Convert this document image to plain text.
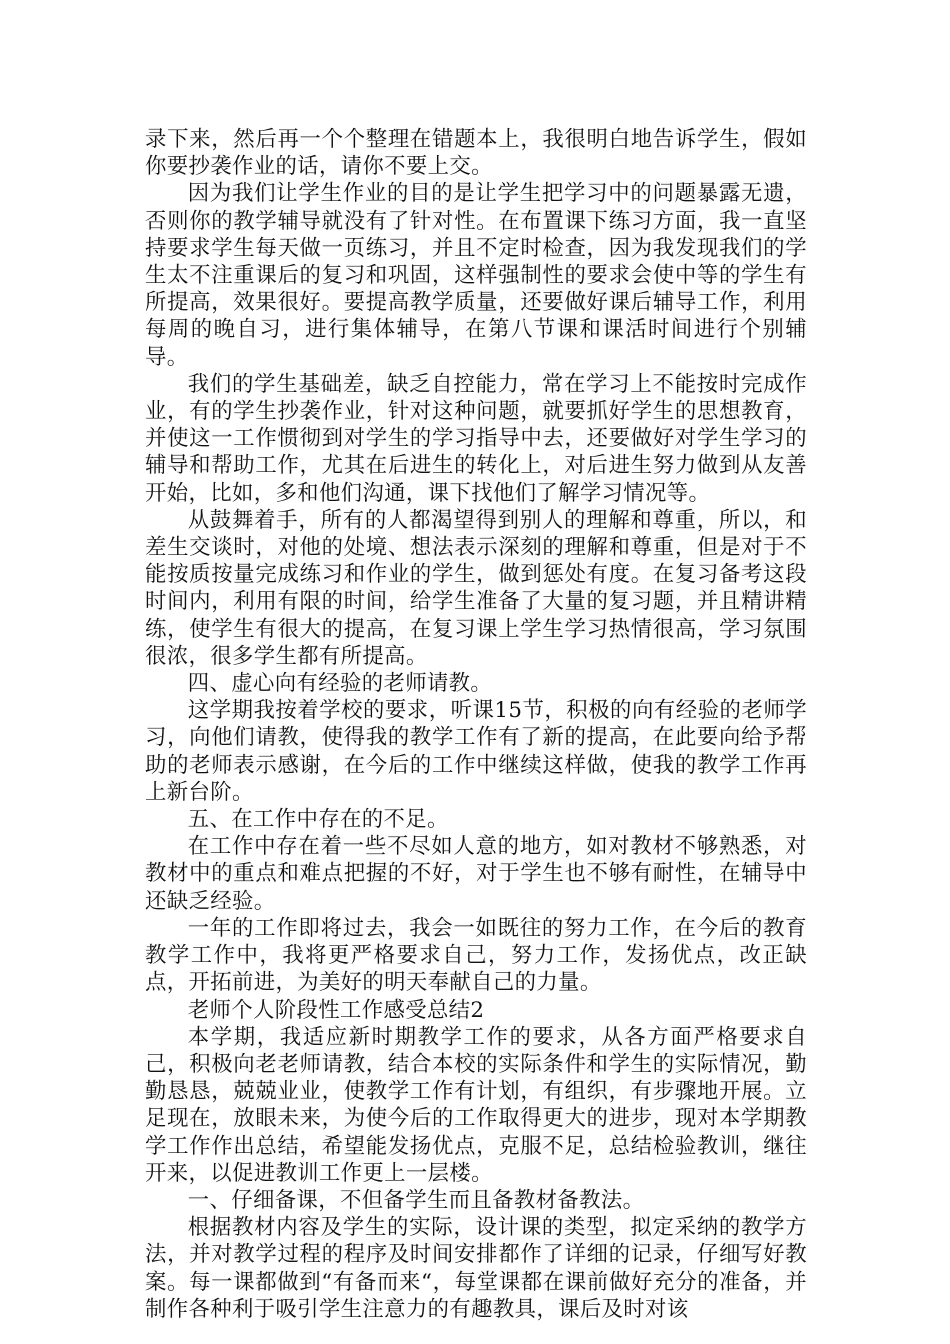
录下来，然后再一个个整理在错题本上，我很明白地告诉学生，假如你要抄袭作业的话，请你不要上交。

因为我们让学生作业的目的是让学生把学习中的问题暴露无遗，否则你的教学辅导就没有了针对性。在布置课下练习方面，我一直坚持要求学生每天做一页练习，并且不定时检查，因为我发现我们的学生太不注重课后的复习和巩固，这样强制性的要求会使中等的学生有所提高，效果很好。要提高教学质量，还要做好课后辅导工作，利用每周的晚自习，进行集体辅导，在第八节课和课活时间进行个别辅导。

我们的学生基础差，缺乏自控能力，常在学习上不能按时完成作业，有的学生抄袭作业，针对这种问题，就要抓好学生的思想教育，并使这一工作惯彻到对学生的学习指导中去，还要做好对学生学习的辅导和帮助工作，尤其在后进生的转化上，对后进生努力做到从友善开始，比如，多和他们沟通，课下找他们了解学习情况等。

从鼓舞着手，所有的人都渴望得到别人的理解和尊重，所以，和差生交谈时，对他的处境、想法表示深刻的理解和尊重，但是对于不能按质按量完成练习和作业的学生，做到惩处有度。在复习备考这段时间内，利用有限的时间，给学生准备了大量的复习题，并且精讲精练，使学生有很大的提高，在复习课上学生学习热情很高，学习氛围很浓，很多学生都有所提高。

四、虚心向有经验的老师请教。

这学期我按着学校的要求，听课15节，积极的向有经验的老师学习，向他们请教，使得我的教学工作有了新的提高，在此要向给予帮助的老师表示感谢，在今后的工作中继续这样做，使我的教学工作再上新台阶。

五、在工作中存在的不足。

在工作中存在着一些不尽如人意的地方，如对教材不够熟悉，对教材中的重点和难点把握的不好，对于学生也不够有耐性，在辅导中还缺乏经验。

一年的工作即将过去，我会一如既往的努力工作，在今后的教育教学工作中，我将更严格要求自己，努力工作，发扬优点，改正缺点，开拓前进，为美好的明天奉献自己的力量。

老师个人阶段性工作感受总结2

本学期，我适应新时期教学工作的要求，从各方面严格要求自己，积极向老老师请教，结合本校的实际条件和学生的实际情况，勤勤恳恳，兢兢业业，使教学工作有计划，有组织，有步骤地开展。立足现在，放眼未来，为使今后的工作取得更大的进步，现对本学期教学工作作出总结，希望能发扬优点，克服不足，总结检验教训，继往开来，以促进教训工作更上一层楼。

一、仔细备课，不但备学生而且备教材备教法。

根据教材内容及学生的实际，设计课的类型，拟定采纳的教学方法，并对教学过程的程序及时间安排都作了详细的记录，仔细写好教案。每一课都做到“有备而来“，每堂课都在课前做好充分的准备，并制作各种利于吸引学生注意力的有趣教具，课后及时对该
